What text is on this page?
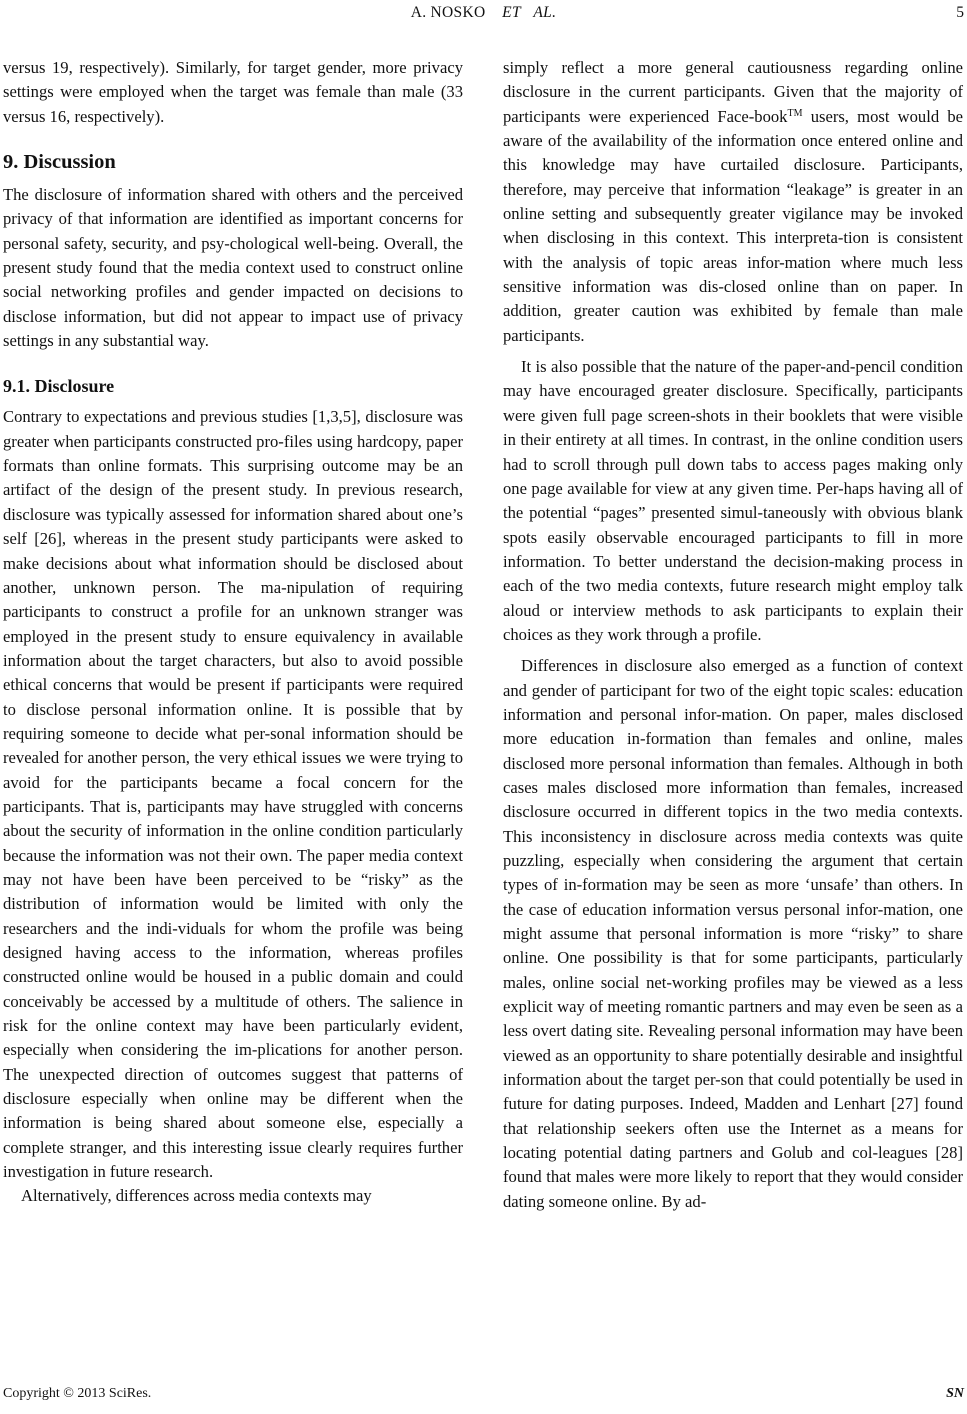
A. NOSKO ET AL.	5

versus 19, respectively). Similarly, for target gender, more privacy settings were employed when the target was female than male (33 versus 16, respectively).

9. Discussion

The disclosure of information shared with others and the perceived privacy of that information are identified as important concerns for personal safety, security, and psy-chological well-being. Overall, the present study found that the media context used to construct online social networking profiles and gender impacted on decisions to disclose information, but did not appear to impact use of privacy settings in any substantial way.

9.1. Disclosure

Contrary to expectations and previous studies [1,3,5], disclosure was greater when participants constructed pro-files using hardcopy, paper formats than online formats. This surprising outcome may be an artifact of the design of the present study. In previous research, disclosure was typically assessed for information shared about one’s self [26], whereas in the present study participants were asked to make decisions about what information should be disclosed about another, unknown person. The ma-nipulation of requiring participants to construct a profile for an unknown stranger was employed in the present study to ensure equivalency in available information about the target characters, but also to avoid possible ethical concerns that would be present if participants were required to disclose personal information online. It is possible that by requiring someone to decide what per-sonal information should be revealed for another person, the very ethical issues we were trying to avoid for the participants became a focal concern for the participants. That is, participants may have struggled with concerns about the security of information in the online condition particularly because the information was not their own. The paper media context may not have been have been perceived to be “risky” as the distribution of information would be limited with only the researchers and the indi-viduals for whom the profile was being designed having access to the information, whereas profiles constructed online would be housed in a public domain and could conceivably be accessed by a multitude of others. The salience in risk for the online context may have been particularly evident, especially when considering the im-plications for another person. The unexpected direction of outcomes suggest that patterns of disclosure especially when online may be different when the information is being shared about someone else, especially a complete stranger, and this interesting issue clearly requires further investigation in future research.

Alternatively, differences across media contexts may

simply reflect a more general cautiousness regarding online disclosure in the current participants. Given that the majority of participants were experienced Face-book™ users, most would be aware of the availability of the information once entered online and this knowledge may have curtailed disclosure. Participants, therefore, may perceive that information “leakage” is greater in an online setting and subsequently greater vigilance may be invoked when disclosing in this context. This interpreta-tion is consistent with the analysis of topic areas infor-mation where much less sensitive information was dis-closed online than on paper. In addition, greater caution was exhibited by female than male participants.

It is also possible that the nature of the paper-and-pencil condition may have encouraged greater disclosure. Specifically, participants were given full page screen-shots in their booklets that were visible in their entirety at all times. In contrast, in the online condition users had to scroll through pull down tabs to access pages making only one page available for view at any given time. Per-haps having all of the potential “pages” presented simul-taneously with obvious blank spots easily observable encouraged participants to fill in more information. To better understand the decision-making process in each of the two media contexts, future research might employ talk aloud or interview methods to ask participants to explain their choices as they work through a profile.

Differences in disclosure also emerged as a function of context and gender of participant for two of the eight topic scales: education information and personal infor-mation. On paper, males disclosed more education in-formation than females and online, males disclosed more personal information than females. Although in both cases males disclosed more information than females, increased disclosure occurred in different topics in the two media contexts. This inconsistency in disclosure across media contexts was quite puzzling, especially when considering the argument that certain types of in-formation may be seen as more ‘unsafe’ than others. In the case of education information versus personal infor-mation, one might assume that personal information is more “risky” to share online. One possibility is that for some participants, particularly males, online social net-working profiles may be viewed as a less explicit way of meeting romantic partners and may even be seen as a less overt dating site. Revealing personal information may have been viewed as an opportunity to share potentially desirable and insightful information about the target per-son that could potentially be used in future for dating purposes. Indeed, Madden and Lenhart [27] found that relationship seekers often use the Internet as a means for locating potential dating partners and Golub and col-leagues [28] found that males were more likely to report that they would consider dating someone online. By ad-

Copyright © 2013 SciRes.	SN
